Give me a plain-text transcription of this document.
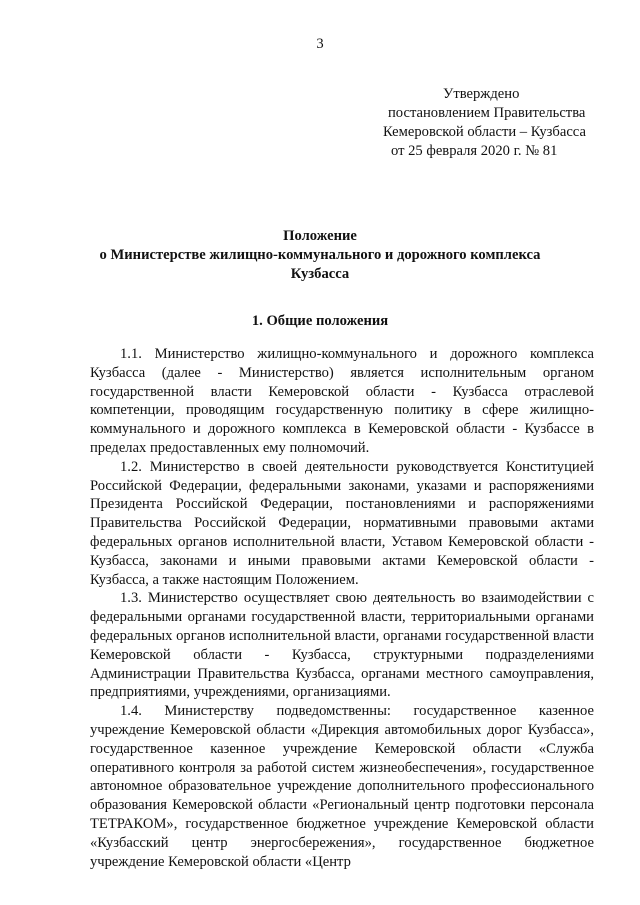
3
Утверждено
постановлением Правительства
Кемеровской области – Кузбасса
от 25 февраля 2020 г. № 81
Положение
о Министерстве жилищно-коммунального и дорожного комплекса
Кузбасса
1. Общие положения

1.1. Министерство жилищно-коммунального и дорожного комплекса Кузбасса (далее - Министерство) является исполнительным органом государственной власти Кемеровской области - Кузбасса отраслевой компетенции, проводящим государственную политику в сфере жилищно-коммунального и дорожного комплекса в Кемеровской области - Кузбассе в пределах предоставленных ему полномочий.

1.2. Министерство в своей деятельности руководствуется Конституцией Российской Федерации, федеральными законами, указами и распоряжениями Президента Российской Федерации, постановлениями и распоряжениями Правительства Российской Федерации, нормативными правовыми актами федеральных органов исполнительной власти, Уставом Кемеровской области - Кузбасса, законами и иными правовыми актами Кемеровской области - Кузбасса, а также настоящим Положением.

1.3. Министерство осуществляет свою деятельность во взаимодействии с федеральными органами государственной власти, территориальными органами федеральных органов исполнительной власти, органами государственной власти Кемеровской области - Кузбасса, структурными подразделениями Администрации Правительства Кузбасса, органами местного самоуправления, предприятиями, учреждениями, организациями.

1.4. Министерству подведомственны: государственное казенное учреждение Кемеровской области «Дирекция автомобильных дорог Кузбасса», государственное казенное учреждение Кемеровской области «Служба оперативного контроля за работой систем жизнеобеспечения», государственное автономное образовательное учреждение дополнительного профессионального образования Кемеровской области «Региональный центр подготовки персонала ТЕТРАКОМ», государственное бюджетное учреждение Кемеровской области «Кузбасский центр энергосбережения», государственное бюджетное учреждение Кемеровской области «Центр
